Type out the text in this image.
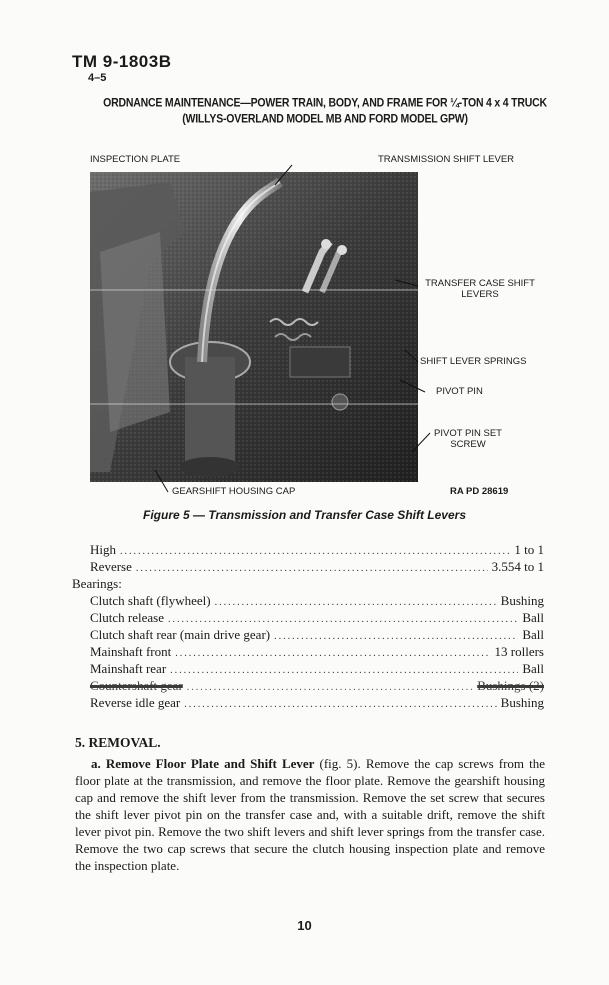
TM 9-1803B
4–5
ORDNANCE MAINTENANCE—POWER TRAIN, BODY, AND FRAME FOR ¼-TON 4 x 4 TRUCK
(WILLYS-OVERLAND MODEL MB AND FORD MODEL GPW)
INSPECTION PLATE	TRANSMISSION SHIFT LEVER
TRANSFER CASE SHIFT
LEVERS
SHIFT LEVER SPRINGS
PIVOT PIN
PIVOT PIN SET
SCREW
GEARSHIFT HOUSING CAP	RA PD 28619
Figure 5 — Transmission and Transfer Case Shift Levers
High .....	1 to 1
Reverse .....	3.554 to 1
Bearings:
Clutch shaft (flywheel) .....	Bushing
Clutch release .....	Ball
Clutch shaft rear (main drive gear) .....	Ball
Mainshaft front .....	13 rollers
Mainshaft rear .....	Ball
Countershaft gear .....	Bushings (2)
Reverse idle gear .....	Bushing
5. REMOVAL.
a. Remove Floor Plate and Shift Lever (fig. 5). Remove the cap screws from the floor plate at the transmission, and remove the floor plate. Remove the gearshift housing cap and remove the shift lever from the transmission. Remove the set screw that secures the shift lever pivot pin on the transfer case and, with a suitable drift, remove the shift lever pivot pin. Remove the two shift levers and shift lever springs from the transfer case. Remove the two cap screws that secure the clutch housing inspection plate and remove the inspection plate.
10
